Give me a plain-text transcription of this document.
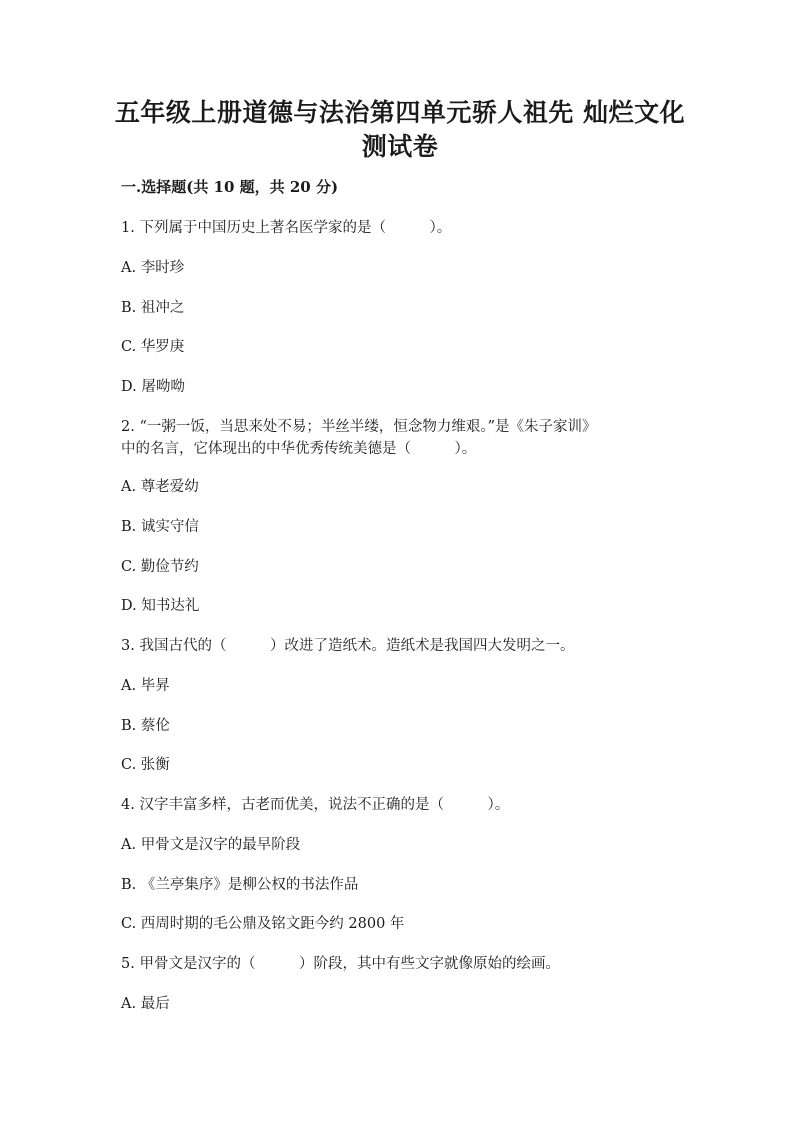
五年级上册道德与法治第四单元骄人祖先 灿烂文化
测试卷
一.选择题(共 10 题，共 20 分)
1. 下列属于中国历史上著名医学家的是（　　　）。
A. 李时珍
B. 祖冲之
C. 华罗庚
D. 屠呦呦
2. “一粥一饭，当思来处不易；半丝半缕，恒念物力维艰。”是《朱子家训》
中的名言，它体现出的中华优秀传统美德是（　　　）。
A. 尊老爱幼
B. 诚实守信
C. 勤俭节约
D. 知书达礼
3. 我国古代的（　　　）改进了造纸术。造纸术是我国四大发明之一。
A. 毕昇
B. 蔡伦
C. 张衡
4. 汉字丰富多样，古老而优美，说法不正确的是（　　　）。
A. 甲骨文是汉字的最早阶段
B. 《兰亭集序》是柳公权的书法作品
C. 西周时期的毛公鼎及铭文距今约 2800 年
5. 甲骨文是汉字的（　　　）阶段，其中有些文字就像原始的绘画。
A. 最后
